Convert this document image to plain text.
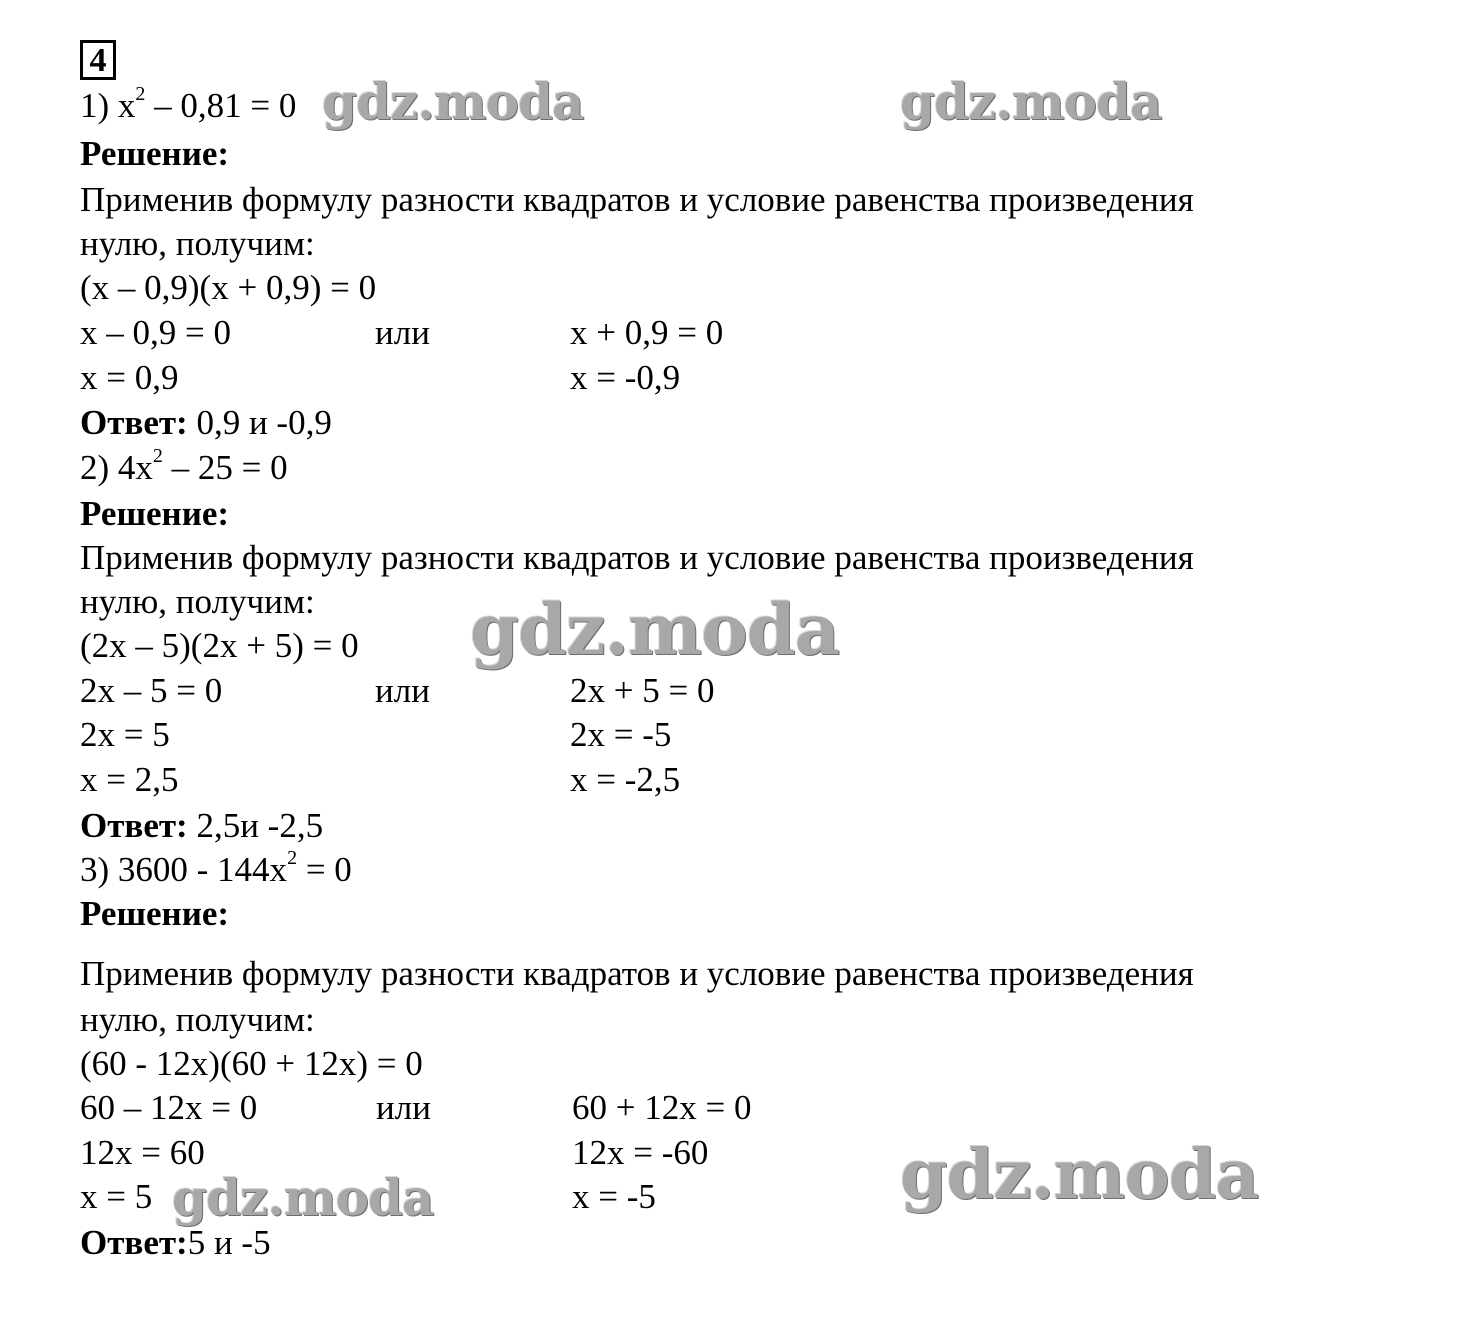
4
1) $x^2 - 0,81 = 0$
Решение:
Применив формулу разности квадратов и условие равенства произведения
нулю, получим:
(x – 0,9)(x + 0,9) = 0
x – 0,9 = 0	или	x + 0,9 = 0
x = 0,9	x = -0,9
Ответ: 0,9 и -0,9
2) $4x^2 - 25 = 0$
Решение:
Применив формулу разности квадратов и условие равенства произведения
нулю, получим:
(2x – 5)(2x + 5) = 0
2x – 5 = 0	или	2x + 5 = 0
2x = 5	2x = -5
x = 2,5	x = -2,5
Ответ: 2,5и -2,5
3) $3600 - 144x^2 = 0$
Решение:
Применив формулу разности квадратов и условие равенства произведения
нулю, получим:
(60 - 12x)(60 + 12x) = 0
60 – 12x = 0	или	60 + 12x = 0
12x = 60	12x = -60
x = 5	x = -5
Ответ:5 и -5
gdz.moda	gdz.moda
gdz.moda
gdz.moda
gdz.moda
